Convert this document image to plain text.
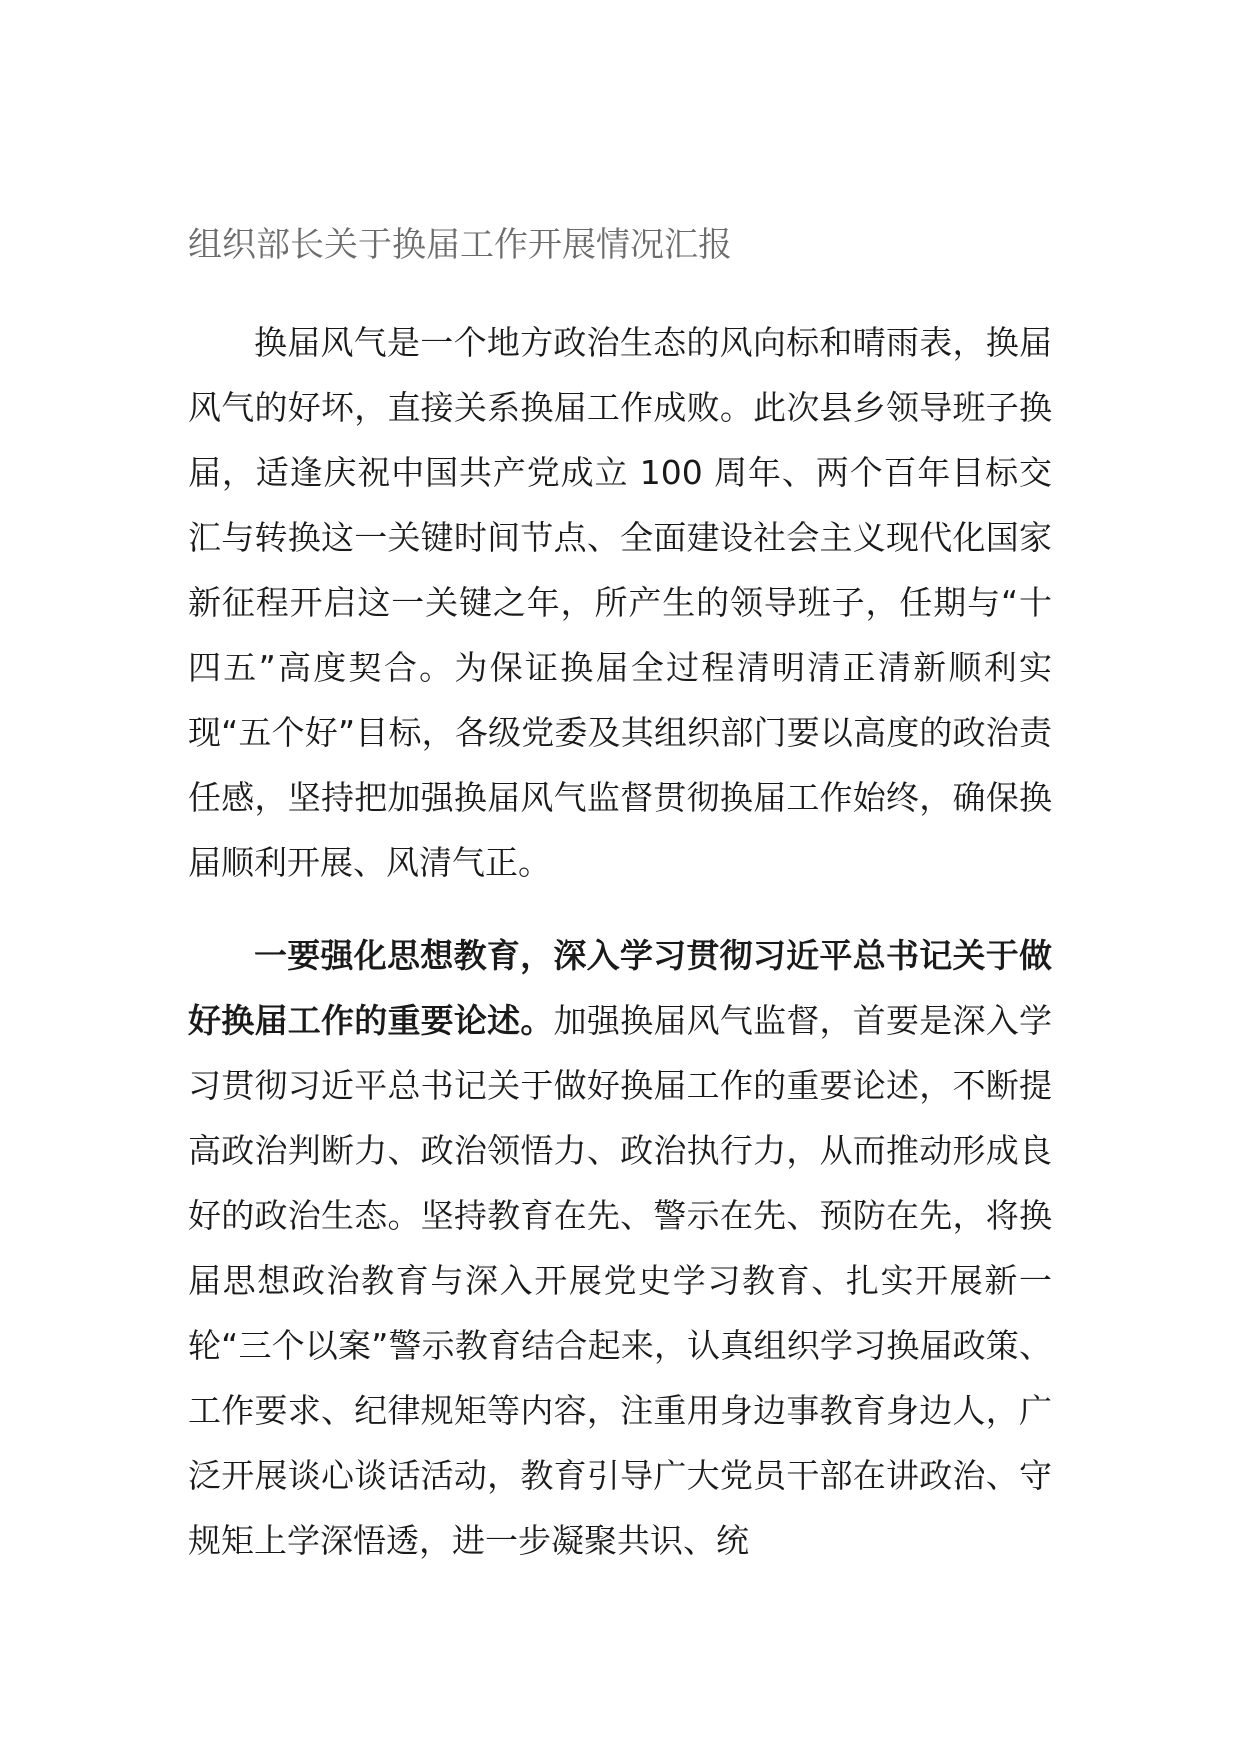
组织部长关于换届工作开展情况汇报

换届风气是一个地方政治生态的风向标和晴雨表，换届风气的好坏，直接关系换届工作成败。此次县乡领导班子换届，适逢庆祝中国共产党成立 100 周年、两个百年目标交汇与转换这一关键时间节点、全面建设社会主义现代化国家新征程开启这一关键之年，所产生的领导班子，任期与“十四五”高度契合。为保证换届全过程清明清正清新顺利实现“五个好”目标，各级党委及其组织部门要以高度的政治责任感，坚持把加强换届风气监督贯彻换届工作始终，确保换届顺利开展、风清气正。

一要强化思想教育，深入学习贯彻习近平总书记关于做好换届工作的重要论述。加强换届风气监督，首要是深入学习贯彻习近平总书记关于做好换届工作的重要论述，不断提高政治判断力、政治领悟力、政治执行力，从而推动形成良好的政治生态。坚持教育在先、警示在先、预防在先，将换届思想政治教育与深入开展党史学习教育、扎实开展新一轮“三个以案”警示教育结合起来，认真组织学习换届政策、工作要求、纪律规矩等内容，注重用身边事教育身边人，广泛开展谈心谈话活动，教育引导广大党员干部在讲政治、守规矩上学深悟透，进一步凝聚共识、统
